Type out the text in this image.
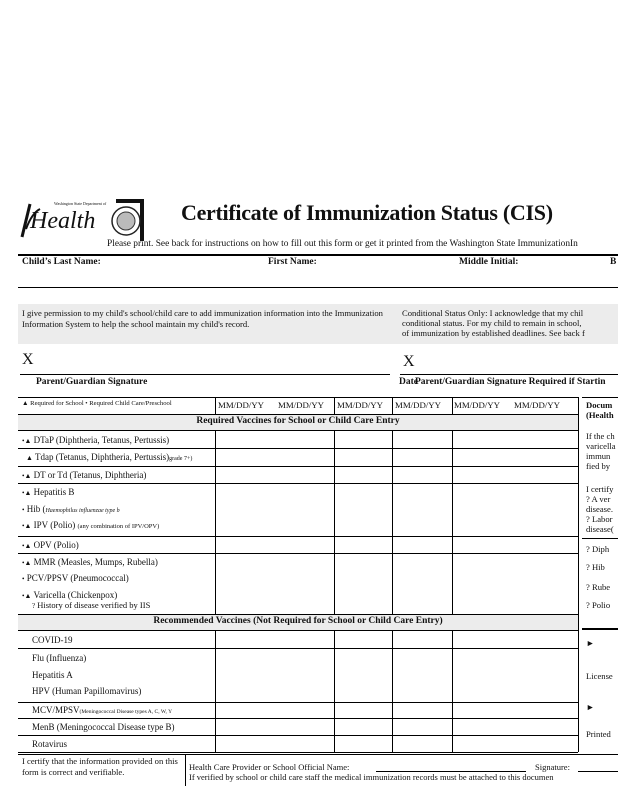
Washington State Department of
Health	Certificate of Immunization Status (CIS)
Please print. See back for instructions on how to fill out this form or get it printed from the Washington State ImmunizationIn
Child’s Last Name:	First Name:	Middle Initial:	B
I give permission to my child's school/child care to add immunization information into the Immunization Information System to help the school maintain my child's record.
Conditional Status Only: I acknowledge that my chil
conditional status. For my child to remain in school,
of immunization by established deadlines. See back f
X	X
Parent/Guardian Signature	Date
Parent/Guardian Signature Required if Startin
▲ Required for School • Required Child Care/Preschool	MM/DD/YY MM/DD/YY MM/DD/YY MM/DD/YY MM/DD/YY MM/DD/YY
Required Vaccines for School or Child Care Entry
•▲ DTaP (Diphtheria, Tetanus, Pertussis)
▲ Tdap (Tetanus, Diphtheria, Pertussis)grade 7+)
•▲ DT or Td (Tetanus, Diphtheria)
•▲ Hepatitis B
• Hib (Haemophilus influenzae type b
•▲ IPV (Polio) (any combination of IPV/OPV)
•▲ OPV (Polio)
•▲ MMR (Measles, Mumps, Rubella)
• PCV/PPSV (Pneumococcal)
•▲ Varicella (Chickenpox)
? History of disease verified by IIS
Recommended Vaccines (Not Required for School or Child Care Entry)
COVID-19
Flu (Influenza)
Hepatitis A
HPV (Human Papillomavirus)
MCV/MPSV(Meningococcal Disease types A, C, W, Y
MenB (Meningococcal Disease type B)
Rotavirus
Docum
(Health
If the ch
varicella
immun
fied by
I certify
? A ver
disease.
? Labor
disease(
? Diph
? Hib
? Rube
? Polio
►
License
►
Printed
I certify that the information provided on this form is correct and verifiable.	Health Care Provider or School Official Name:	Signature:
If verified by school or child care staff the medical immunization records must be attached to this documen
